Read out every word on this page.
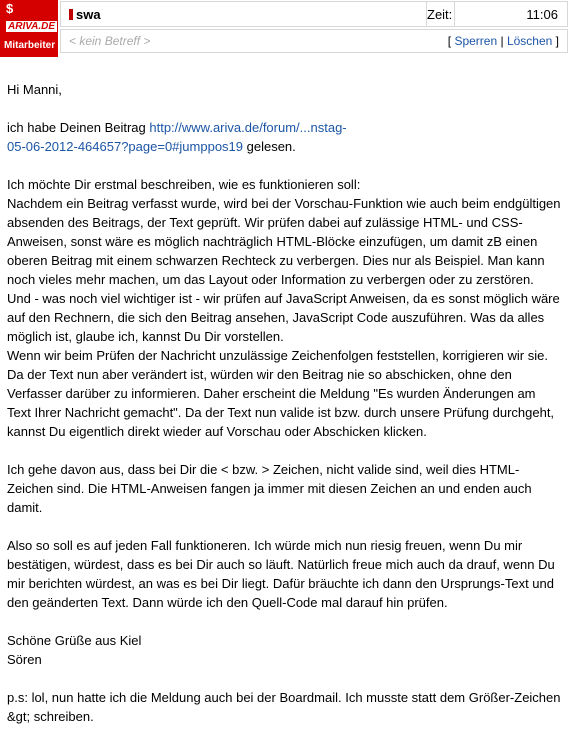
$
ARIVA.DE
Mitarbeiter
swa	Zeit:	11:06
< kein Betreff >	[ Sperren | Löschen ]

Hi Manni,

ich habe Deinen Beitrag http://www.ariva.de/forum/...nstag-
05-06-2012-464657?page=0#jumppos19 gelesen.

Ich möchte Dir erstmal beschreiben, wie es funktionieren soll:
Nachdem ein Beitrag verfasst wurde, wird bei der Vorschau-Funktion wie auch beim endgültigen absenden des Beitrags, der Text geprüft. Wir prüfen dabei auf zulässige HTML- und CSS-Anweisen, sonst wäre es möglich nachträglich HTML-Blöcke einzufügen, um damit zB einen oberen Beitrag mit einem schwarzen Rechteck zu verbergen. Dies nur als Beispiel. Man kann noch vieles mehr machen, um das Layout oder Information zu verbergen oder zu zerstören. Und - was noch viel wichtiger ist - wir prüfen auf JavaScript Anweisen, da es sonst möglich wäre auf den Rechnern, die sich den Beitrag ansehen, JavaScript Code auszuführen. Was da alles möglich ist, glaube ich, kannst Du Dir vorstellen.
Wenn wir beim Prüfen der Nachricht unzulässige Zeichenfolgen feststellen, korrigieren wir sie. Da der Text nun aber verändert ist, würden wir den Beitrag nie so abschicken, ohne den Verfasser darüber zu informieren. Daher erscheint die Meldung "Es wurden Änderungen am Text Ihrer Nachricht gemacht". Da der Text nun valide ist bzw. durch unsere Prüfung durchgeht, kannst Du eigentlich direkt wieder auf Vorschau oder Abschicken klicken.

Ich gehe davon aus, dass bei Dir die < bzw. > Zeichen, nicht valide sind, weil dies HTML-Zeichen sind. Die HTML-Anweisen fangen ja immer mit diesen Zeichen an und enden auch damit.

Also so soll es auf jeden Fall funktioneren. Ich würde mich nun riesig freuen, wenn Du mir bestätigen, würdest, dass es bei Dir auch so läuft. Natürlich freue mich auch da drauf, wenn Du mir berichten würdest, an was es bei Dir liegt. Dafür bräuchte ich dann den Ursprungs-Text und den geänderten Text. Dann würde ich den Quell-Code mal darauf hin prüfen.

Schöne Grüße aus Kiel
Sören

p.s: lol, nun hatte ich die Meldung auch bei der Boardmail. Ich musste statt dem Größer-Zeichen &gt; schreiben.
